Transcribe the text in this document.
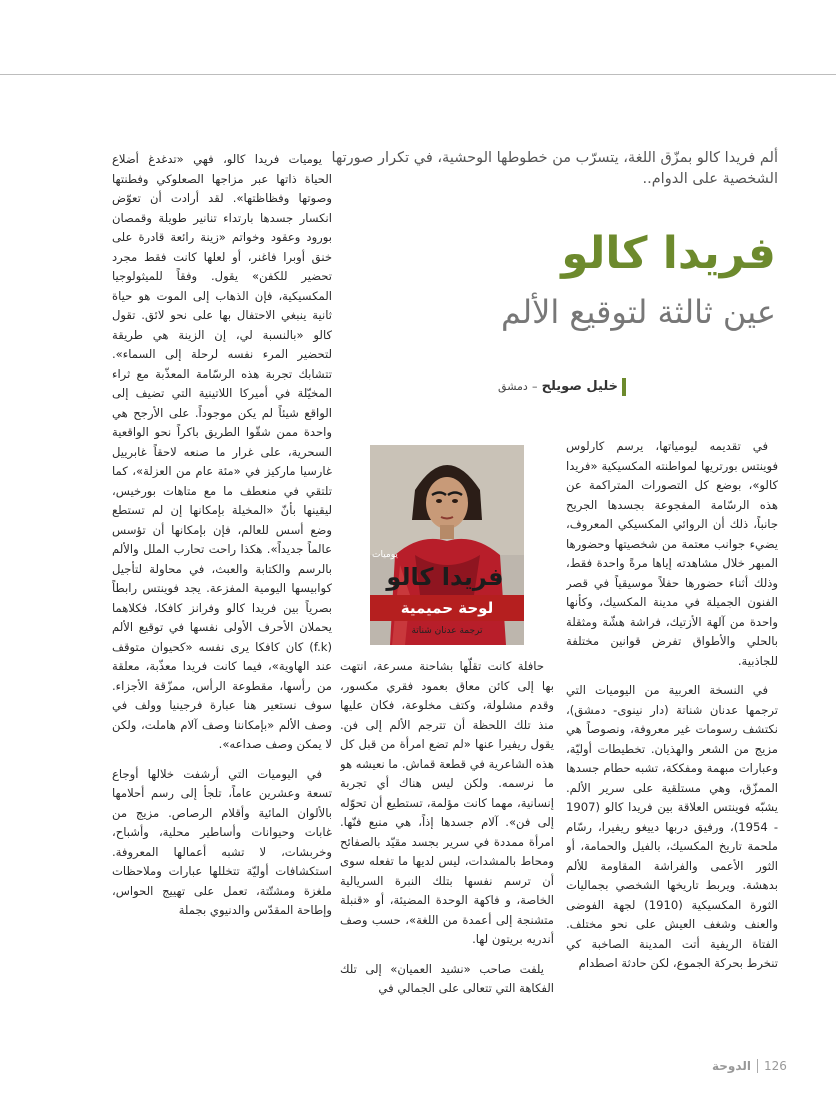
ألم فريدا كالو بمزّق اللغة، يتسرّب من خطوطها الوحشية، في تكرار صورتها الشخصية على الدوام..
فريدا كالو
عين ثالثة لتوقيع الألم
خليل صويلح – دمشق

في تقديمه ليومياتها، يرسم كارلوس فوينتس بورتريها لمواطنته المكسيكية «فريدا كالو»، بوضع كل التصورات المتراكمة عن هذه الرسّامة المفجوعة بجسدها الجريح جانباً، ذلك أن الروائي المكسيكي المعروف، يضيء جوانب معتمة من شخصيتها وحضورها المبهر خلال مشاهدته إياها مرةً واحدة فقط، وذلك أثناء حضورها حفلاً موسيقياً في قصر الفنون الجميلة في مدينة المكسيك، وكأنها واحدة من آلهة الأزتيك، فراشة هشّة ومثقلة بالحلي والأطواق تفرض قوانين مختلفة للجاذبية.

في النسخة العربية من اليوميات التي ترجمها عدنان شناتة (دار نينوى- دمشق)، نكتشف رسومات غير معروفة، ونصوصاً هي مزيج من الشعر والهذيان. تخطيطات أوليّة، وعبارات مبهمة ومفككة، تشبه حطام جسدها الممزّق، وهي مستلقية على سرير الألم. يشبّه فوينتس العلاقة بين فريدا كالو (1907 - 1954)، ورفيق دربها دييغو ريفيرا، رسّام ملحمة تاريخ المكسيك، بالفيل والحمامة، أو الثور الأعمى والفراشة المقاومة للألم بدهشة. ويربط تاريخها الشخصي بجماليات الثورة المكسيكية (1910) لجهة الفوضى والعنف وشغف العيش على نحو مختلف. الفتاة الريفية أتت المدينة الصاخبة كي تنخرط بحركة الجموع، لكن حادثة اصطدام

يوميات
فريدا كالو
لوحة حميمية
ترجمة عدنان شناتة

حافلة كانت تقلّها بشاحنة مسرعة، انتهت بها إلى كائن معاق بعمود فقري مكسور، وقدم مشلولة، وكتف مخلوعة، فكان عليها منذ تلك اللحظة أن تترجم الألم إلى فن. يقول ريفيرا عنها «لم تضع امرأة من قبل كل هذه الشاعرية في قطعة قماش. ما نعيشه هو ما نرسمه. ولكن ليس هناك أي تجربة إنسانية، مهما كانت مؤلمة، تستطيع أن تحوّله إلى فن». آلام جسدها إذاً، هي منبع فنّها. امرأة ممددة في سرير بجسد مقيّد بالصفائح ومحاط بالمشدات، ليس لديها ما تفعله سوى أن ترسم نفسها بتلك النبرة السريالية الخاصة، و فاكهة الوحدة المضيئة، أو «قنبلة متشنجة إلى أعمدة من اللغة»، حسب وصف أندريه بريتون لها.

يلفت صاحب «نشيد العميان» إلى تلك الفكاهة التي تتعالى على الجمالي في

يوميات فريدا كالو، فهي «تدغدغ أضلاع الحياة ذاتها عبر مزاجها الصعلوكي وفطنتها وصوتها وفظاظتها». لقد أرادت أن تعوّض انكسار جسدها بارتداء تنانير طويلة وقمصان بورود وعقود وخواتم «زينة رائعة قادرة على خنق أوبرا فاغنر، أو لعلها كانت فقط مجرد تحضير للكفن» يقول. وفقاً للميثولوجيا المكسيكية، فإن الذهاب إلى الموت هو حياة ثانية ينبغي الاحتفال بها على نحو لائق. تقول كالو «بالنسبة لي، إن الزينة هي طريقة لتحضير المرء نفسه لرحلة إلى السماء». تتشابك تجربة هذه الرسّامة المعذّبة مع ثراء المخيّلة في أميركا اللاتينية التي تضيف إلى الواقع شيئاً لم يكن موجوداً. على الأرجح هي واحدة ممن شقّوا الطريق باكراً نحو الواقعية السحرية، على غرار ما صنعه لاحقاً غابرييل غارسيا ماركيز في «مئة عام من العزلة»، كما تلتقي في منعطف ما مع متاهات بورخيس، ليقينها بأنّ «المخيلة بإمكانها إن لم تستطع وضع أسس للعالم، فإن بإمكانها أن تؤسس عالماً جديداً». هكذا راحت تحارب الملل والألم بالرسم والكتابة والعبث، في محاولة لتأجيل كوابيسها اليومية المفزعة. يجد فوينتس رابطاً بصرياً بين فريدا كالو وفرانز كافكا، فكلاهما يحملان الأحرف الأولى نفسها في توقيع الألم (f.k) كان كافكا يرى نفسه «كحيوان متوقف عند الهاوية»، فيما كانت فريدا معذّبة، معلقة من رأسها، مقطوعة الرأس، ممزّقة الأجزاء. سوف نستعير هنا عبارة فرجينيا وولف في وصف الألم «بإمكاننا وصف آلام هاملت، ولكن لا يمكن وصف صداعه».

في اليوميات التي أرشفت خلالها أوجاع تسعة وعشرين عاماً، تلجأ إلى رسم أحلامها بالألوان المائية وأقلام الرصاص. مزيج من غابات وحيوانات وأساطير محلية، وأشباح، وخربشات، لا تشبه أعمالها المعروفة. استكشافات أوليّة تتخللها عبارات وملاحظات ملغزة ومشتّتة، تعمل على تهييج الحواس، وإطاحة المقدّس والدنيوي بجملة

الدوحة 126
